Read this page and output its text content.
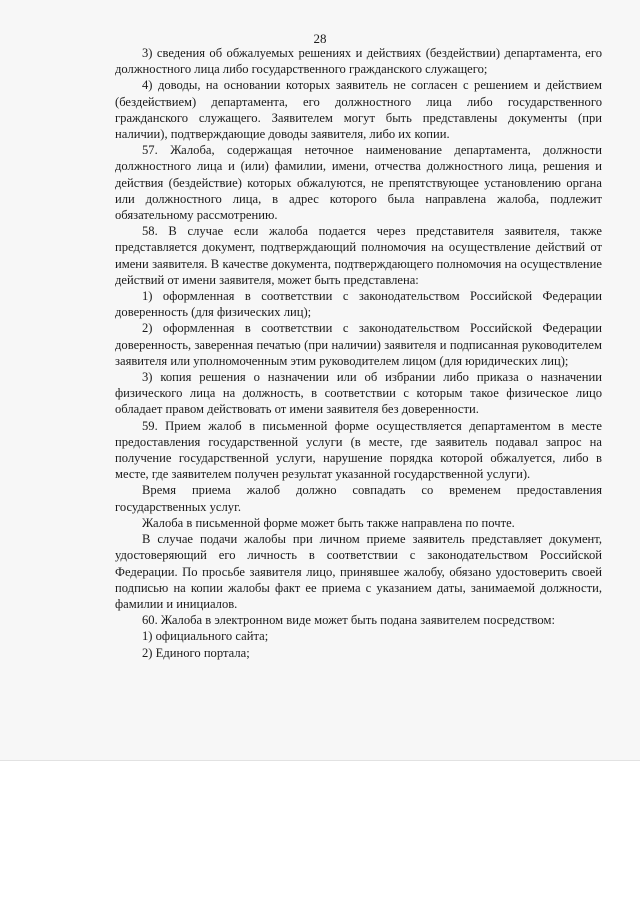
28

3) сведения об обжалуемых решениях и действиях (бездействии) департамента, его должностного лица либо государственного гражданского служащего;

4) доводы, на основании которых заявитель не согласен с решением и действием (бездействием) департамента, его должностного лица либо государственного гражданского служащего. Заявителем могут быть представлены документы (при наличии), подтверждающие доводы заявителя, либо их копии.

57. Жалоба, содержащая неточное наименование департамента, должности должностного лица и (или) фамилии, имени, отчества должностного лица, решения и действия (бездействие) которых обжалуются, не препятствующее установлению органа или должностного лица, в адрес которого была направлена жалоба, подлежит обязательному рассмотрению.

58. В случае если жалоба подается через представителя заявителя, также представляется документ, подтверждающий полномочия на осуществление действий от имени заявителя. В качестве документа, подтверждающего полномочия на осуществление действий от имени заявителя, может быть представлена:

1) оформленная в соответствии с законодательством Российской Федерации доверенность (для физических лиц);

2) оформленная в соответствии с законодательством Российской Федерации доверенность, заверенная печатью (при наличии) заявителя и подписанная руководителем заявителя или уполномоченным этим руководителем лицом (для юридических лиц);

3) копия решения о назначении или об избрании либо приказа о назначении физического лица на должность, в соответствии с которым такое физическое лицо обладает правом действовать от имени заявителя без доверенности.

59. Прием жалоб в письменной форме осуществляется департаментом в месте предоставления государственной услуги (в месте, где заявитель подавал запрос на получение государственной услуги, нарушение порядка которой обжалуется, либо в месте, где заявителем получен результат указанной государственной услуги).

Время приема жалоб должно совпадать со временем предоставления государственных услуг.

Жалоба в письменной форме может быть также направлена по почте.

В случае подачи жалобы при личном приеме заявитель представляет документ, удостоверяющий его личность в соответствии с законодательством Российской Федерации. По просьбе заявителя лицо, принявшее жалобу, обязано удостоверить своей подписью на копии жалобы факт ее приема с указанием даты, занимаемой должности, фамилии и инициалов.

60. Жалоба в электронном виде может быть подана заявителем посредством:

1) официального сайта;

2) Единого портала;
